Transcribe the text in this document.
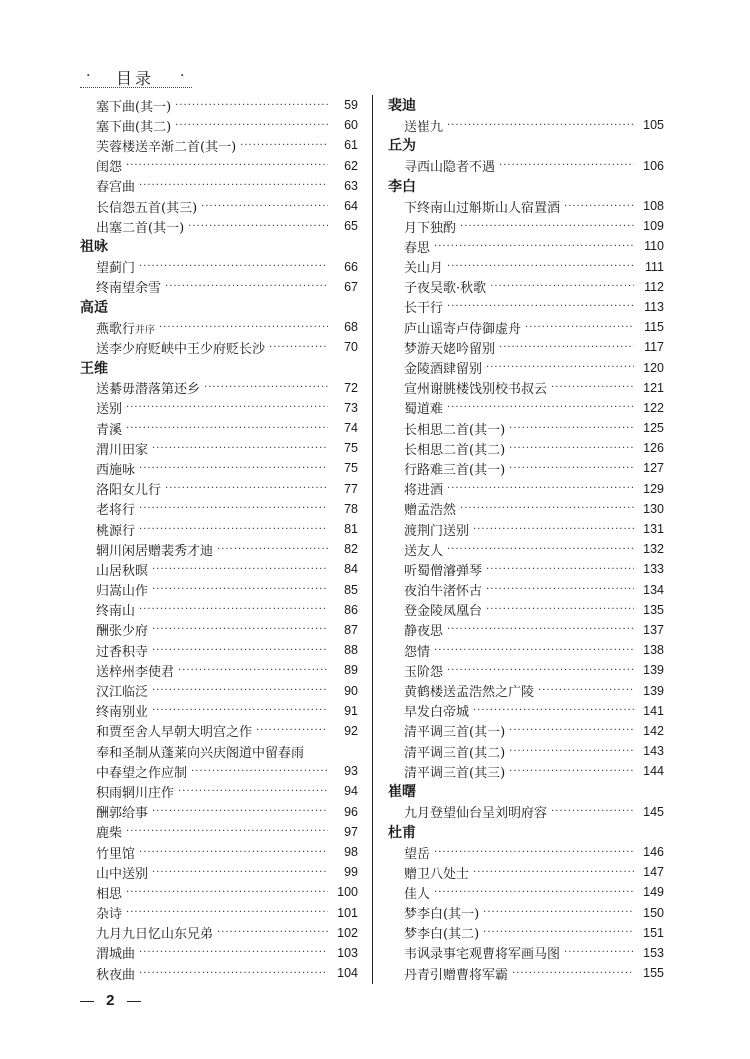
· 目录 ·
塞下曲(其一) ·····	59
塞下曲(其二) ·····	60
芙蓉楼送辛渐二首(其一) ·····	61
闺怨 ·····	62
春宫曲 ·····	63
长信怨五首(其三) ·····	64
出塞二首(其一) ·····	65
祖咏
望蓟门 ·····	66
终南望余雪 ·····	67
高适
燕歌行并序 ·····	68
送李少府贬峡中王少府贬长沙 ·····	70
王维
送綦毋潜落第还乡 ·····	72
送别 ·····	73
青溪 ·····	74
渭川田家 ·····	75
西施咏 ·····	75
洛阳女儿行 ·····	77
老将行 ·····	78
桃源行 ·····	81
辋川闲居赠裴秀才迪 ·····	82
山居秋暝 ·····	84
归嵩山作 ·····	85
终南山 ·····	86
酬张少府 ·····	87
过香积寺 ·····	88
送梓州李使君 ·····	89
汉江临泛 ·····	90
终南别业 ·····	91
和贾至舍人早朝大明宫之作 ·····	92
奉和圣制从蓬莱向兴庆阁道中留春雨
中春望之作应制 ·····	93
积雨辋川庄作 ·····	94
酬郭给事 ·····	96
鹿柴 ·····	97
竹里馆 ·····	98
山中送别 ·····	99
相思 ·····	100
杂诗 ·····	101
九月九日忆山东兄弟 ·····	102
渭城曲 ·····	103
秋夜曲 ·····	104
裴迪
送崔九 ·····	105
丘为
寻西山隐者不遇 ·····	106
李白
下终南山过斛斯山人宿置酒 ·····	108
月下独酌 ·····	109
春思 ·····	110
关山月 ·····	111
子夜吴歌·秋歌 ·····	112
长干行 ·····	113
庐山谣寄卢侍御虚舟 ·····	115
梦游天姥吟留别 ·····	117
金陵酒肆留别 ·····	120
宣州谢朓楼饯别校书叔云 ·····	121
蜀道难 ·····	122
长相思二首(其一) ·····	125
长相思二首(其二) ·····	126
行路难三首(其一) ·····	127
将进酒 ·····	129
赠孟浩然 ·····	130
渡荆门送别 ·····	131
送友人 ·····	132
听蜀僧濬弹琴 ·····	133
夜泊牛渚怀古 ·····	134
登金陵凤凰台 ·····	135
静夜思 ·····	137
怨情 ·····	138
玉阶怨 ·····	139
黄鹤楼送孟浩然之广陵 ·····	139
早发白帝城 ·····	141
清平调三首(其一) ·····	142
清平调三首(其二) ·····	143
清平调三首(其三) ·····	144
崔曙
九月登望仙台呈刘明府容 ·····	145
杜甫
望岳 ·····	146
赠卫八处士 ·····	147
佳人 ·····	149
梦李白(其一) ·····	150
梦李白(其二) ·····	151
韦讽录事宅观曹将军画马图 ·····	153
丹青引赠曹将军霸 ·····	155
2
